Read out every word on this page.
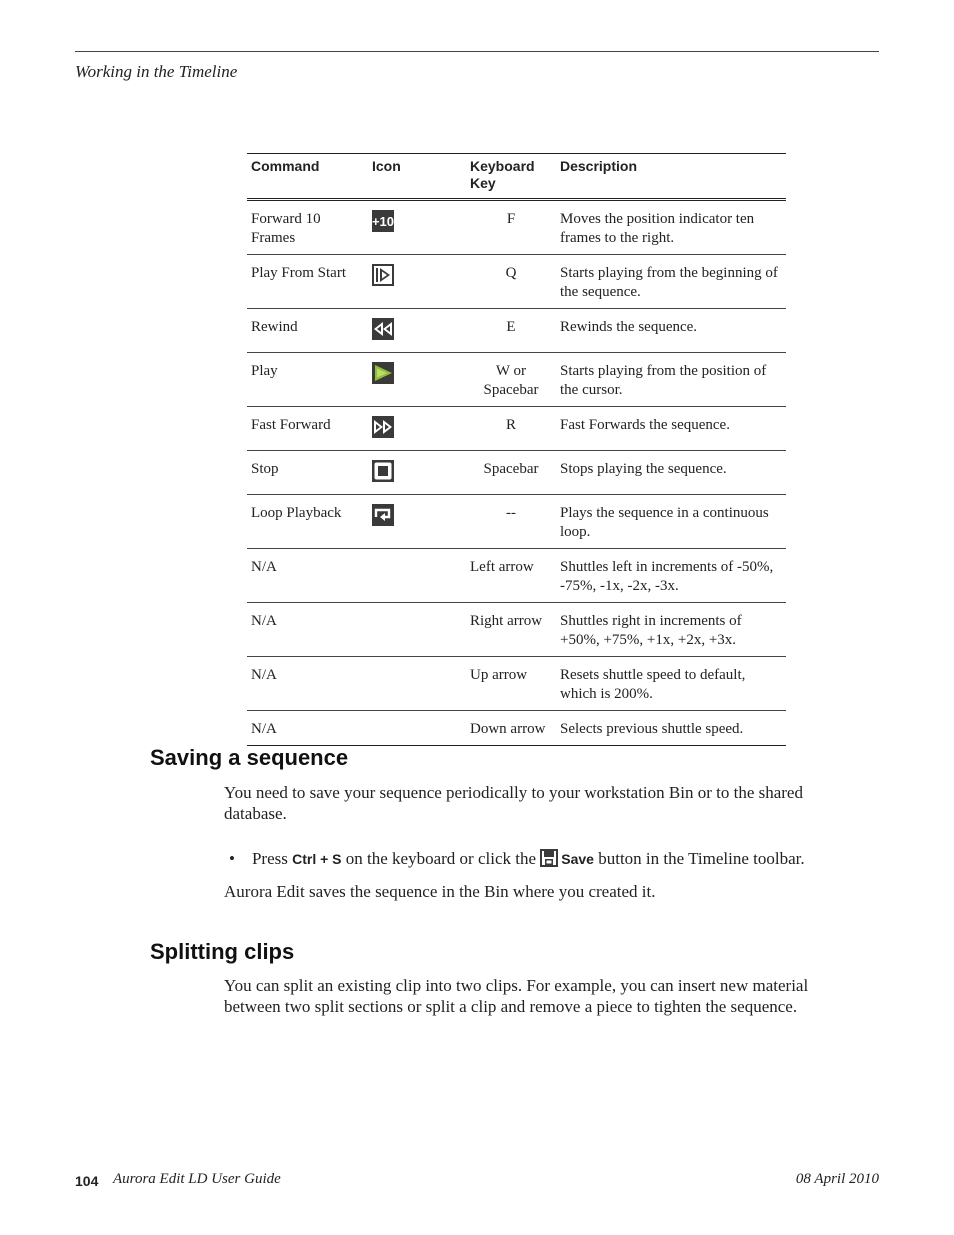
Working in the Timeline
Command	Icon	Keyboard Key	Description
Forward 10 Frames	+10	F	Moves the position indicator ten frames to the right.
Play From Start		Q	Starts playing from the beginning of the sequence.
Rewind		E	Rewinds the sequence.
Play		W or Spacebar	Starts playing from the position of the cursor.
Fast Forward		R	Fast Forwards the sequence.
Stop		Spacebar	Stops playing the sequence.
Loop Playback		--	Plays the sequence in a continuous loop.
N/A		Left arrow	Shuttles left in increments of -50%, -75%, -1x, -2x, -3x.
N/A		Right arrow	Shuttles right in increments of +50%, +75%, +1x, +2x, +3x.
N/A		Up arrow	Resets shuttle speed to default, which is 200%.
N/A		Down arrow	Selects previous shuttle speed.
Saving a sequence

You need to save your sequence periodically to your workstation Bin or to the shared database.

• Press Ctrl + S on the keyboard or click the Save button in the Timeline toolbar.

Aurora Edit saves the sequence in the Bin where you created it.

Splitting clips

You can split an existing clip into two clips. For example, you can insert new material between two split sections or split a clip and remove a piece to tighten the sequence.

104 Aurora Edit LD User Guide	08 April 2010
